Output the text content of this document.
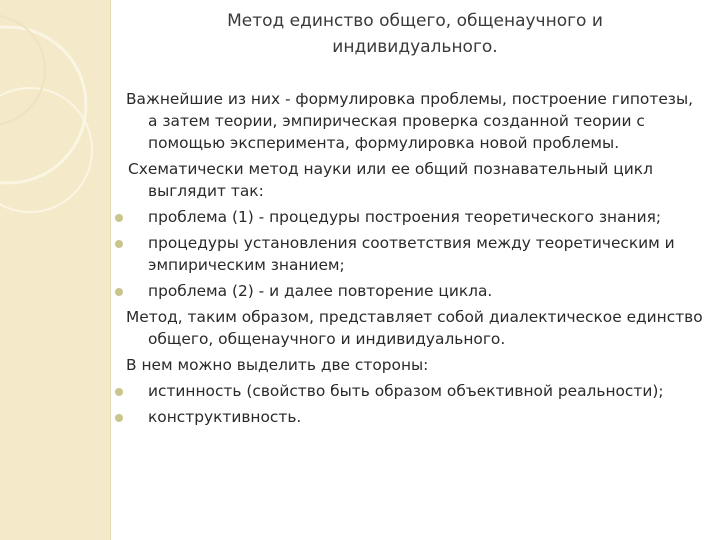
Метод единство общего, общенаучного и
индивидуального.
Важнейшие из них ‑ формулировка проблемы, построение гипотезы, а затем теории, эмпирическая проверка созданной теории с помощью эксперимента, формулировка новой проблемы.
Схематически метод науки или ее общий познавательный цикл выглядит так:
проблема (1) - процедуры построения теоретического знания;
процедуры установления соответствия между теоретическим и эмпирическим знанием;
проблема (2) ‑ и далее повторение цикла.
Метод, таким образом, представляет собой диалектическое единство общего, общенаучного и индивидуального.
В нем можно выделить две стороны:
истинность (свойство быть образом объективной реальности);
конструктивность.
